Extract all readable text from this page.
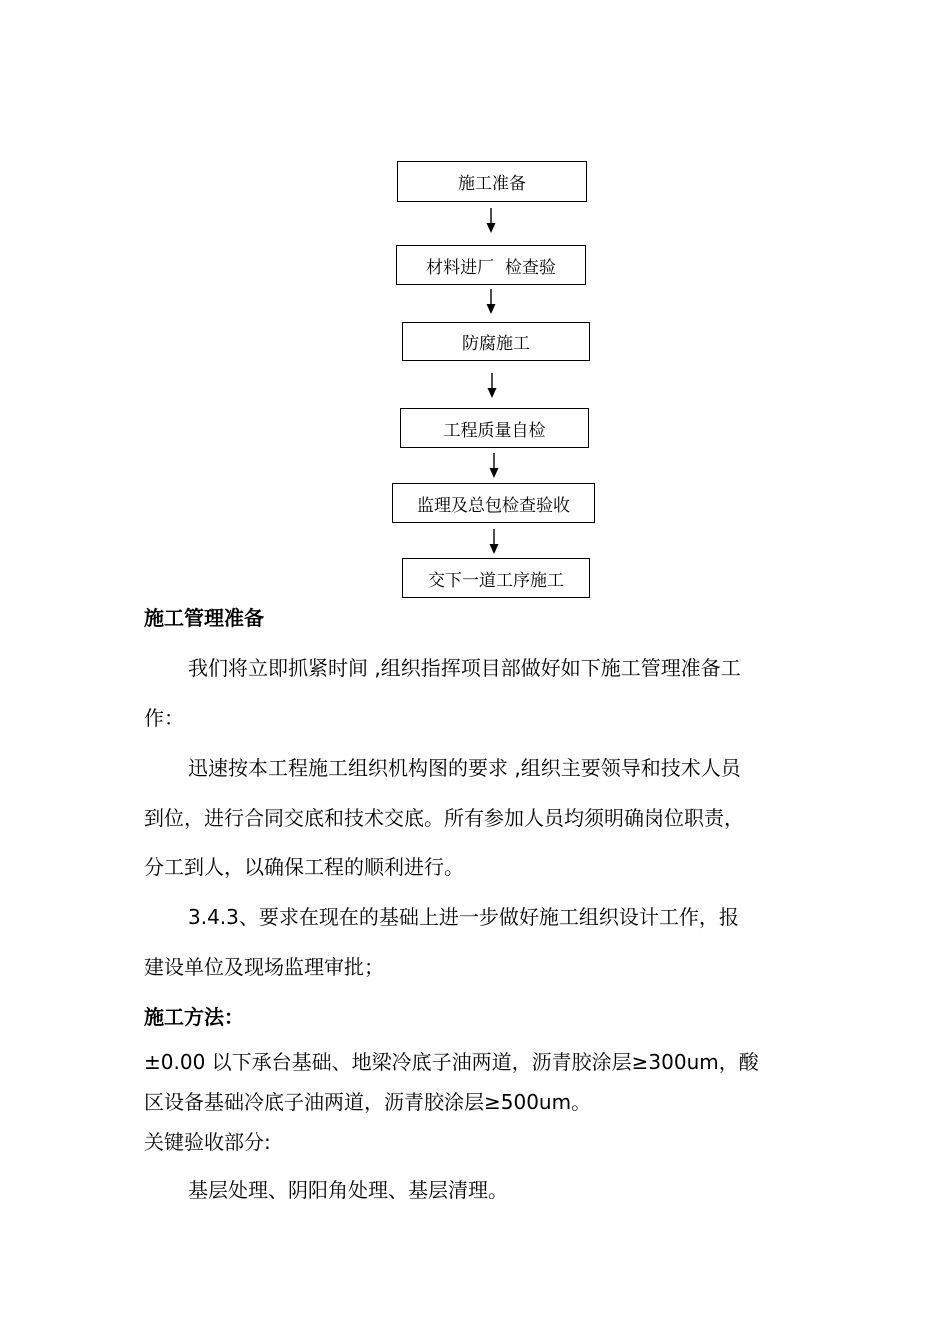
施工准备
材料进厂  检查验
防腐施工
工程质量自检
监理及总包检查验收
交下一道工序施工
施工管理准备
我们将立即抓紧时间 ,组织指挥项目部做好如下施工管理准备工
作：
迅速按本工程施工组织机构图的要求 ,组织主要领导和技术人员
到位，进行合同交底和技术交底。所有参加人员均须明确岗位职责，
分工到人，以确保工程的顺利进行。
3.4.3、要求在现在的基础上进一步做好施工组织设计工作，报
建设单位及现场监理审批；
施工方法：
±0.00 以下承台基础、地梁冷底子油两道，沥青胶涂层≥300um，酸
区设备基础冷底子油两道，沥青胶涂层≥500um。
关键验收部分:
基层处理、阴阳角处理、基层清理。
